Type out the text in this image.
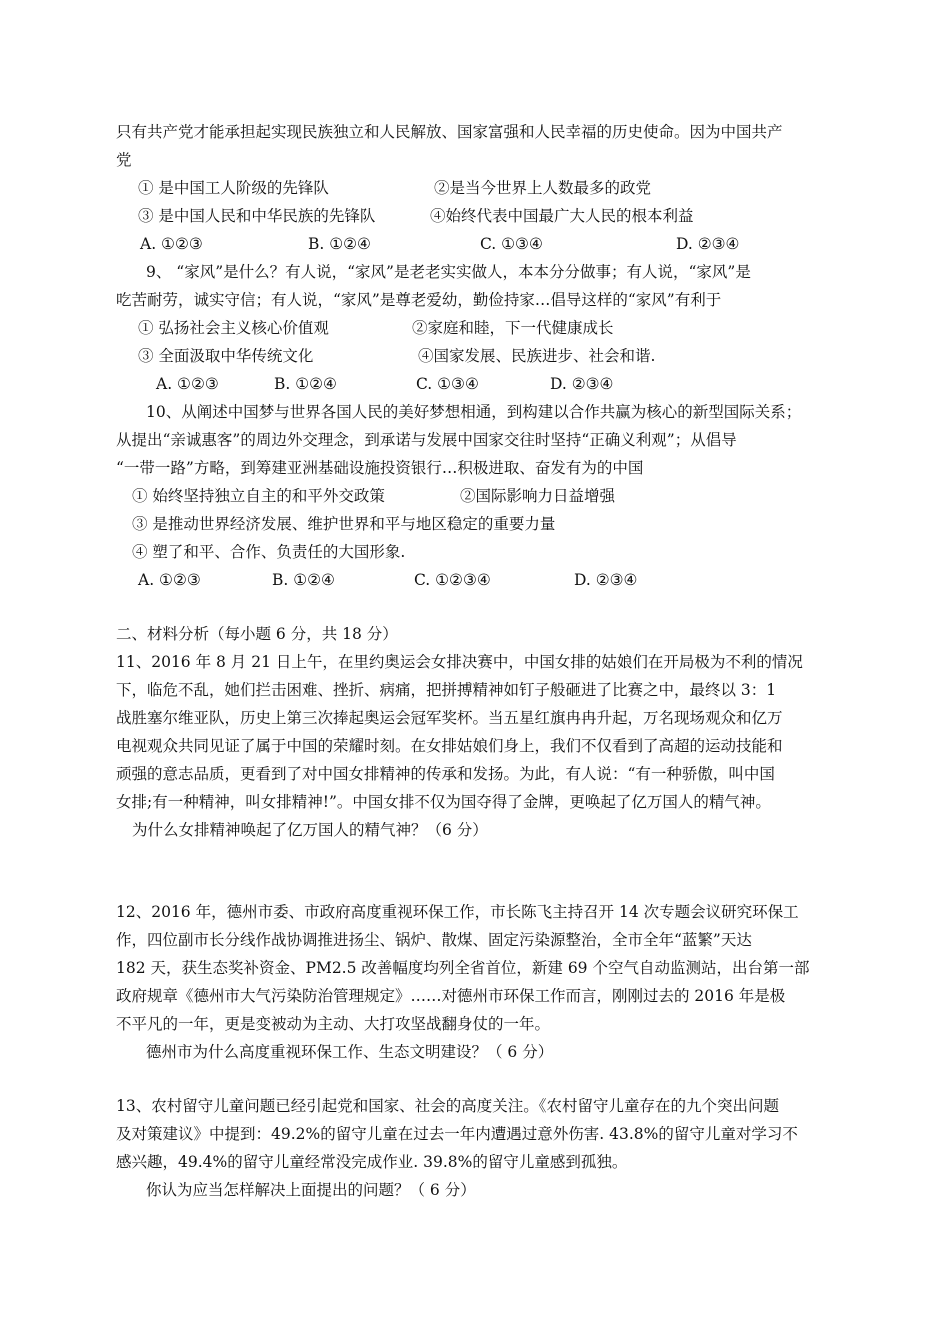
只有共产党才能承担起实现民族独立和人民解放、国家富强和人民幸福的历史使命。因为中国共产
党
① 是中国工人阶级的先锋队	②是当今世界上人数最多的政党
③ 是中国人民和中华民族的先锋队	④始终代表中国最广大人民的根本利益
A. ①②③	B. ①②④	C. ①③④	D. ②③④
9、 “家风”是什么？有人说，“家风”是老老实实做人，本本分分做事；有人说，“家风”是
吃苦耐劳，诚实守信；有人说，“家风”是尊老爱幼，勤俭持家…倡导这样的“家风”有利于
① 弘扬社会主义核心价值观	②家庭和睦，下一代健康成长
③ 全面汲取中华传统文化	④国家发展、民族进步、社会和谐.
A. ①②③	B. ①②④	C. ①③④	D. ②③④
10、从阐述中国梦与世界各国人民的美好梦想相通，到构建以合作共赢为核心的新型国际关系；
从提出“亲诚惠客”的周边外交理念，到承诺与发展中国家交往时坚持“正确义利观”；从倡导
“一带一路”方略，到筹建亚洲基础设施投资银行…积极进取、奋发有为的中国
① 始终坚持独立自主的和平外交政策	②国际影响力日益增强
③ 是推动世界经济发展、维护世界和平与地区稳定的重要力量
④ 塑了和平、合作、负责任的大国形象.
A. ①②③	B. ①②④	C. ①②③④	D. ②③④
二、材料分析（每小题 6 分，共 18 分）
11、2016 年 8 月 21 日上午，在里约奥运会女排决赛中，中国女排的姑娘们在开局极为不利的情况
下，临危不乱，她们拦击困难、挫折、病痛，把拼搏精神如钉子般砸进了比赛之中，最终以 3：1
战胜塞尔维亚队，历史上第三次捧起奥运会冠军奖杯。当五星红旗冉冉升起，万名现场观众和亿万
电视观众共同见证了属于中国的荣耀时刻。在女排姑娘们身上，我们不仅看到了高超的运动技能和
顽强的意志品质，更看到了对中国女排精神的传承和发扬。为此，有人说：“有一种骄傲，叫中国
女排;有一种精神，叫女排精神!”。中国女排不仅为国夺得了金牌，更唤起了亿万国人的精气神。
为什么女排精神唤起了亿万国人的精气神？（6 分）
12、2016 年，德州市委、市政府高度重视环保工作，市长陈飞主持召开 14 次专题会议研究环保工
作，四位副市长分线作战协调推进扬尘、锅炉、散煤、固定污染源整治，全市全年“蓝繁”天达
182 天，获生态奖补资金、PM2.5 改善幅度均列全省首位，新建 69 个空气自动监测站，出台第一部
政府规章《德州市大气污染防治管理规定》……对德州市环保工作而言，刚刚过去的 2016 年是极
不平凡的一年，更是变被动为主动、大打攻坚战翻身仗的一年。
德州市为什么高度重视环保工作、生态文明建设？（ 6 分）
13、农村留守儿童问题已经引起党和国家、社会的高度关注。《农村留守儿童存在的九个突出问题
及对策建议》中提到：49.2%的留守儿童在过去一年内遭遇过意外伤害. 43.8%的留守儿童对学习不
感兴趣，49.4%的留守儿童经常没完成作业. 39.8%的留守儿童感到孤独。
你认为应当怎样解决上面提出的问题？（ 6 分）
